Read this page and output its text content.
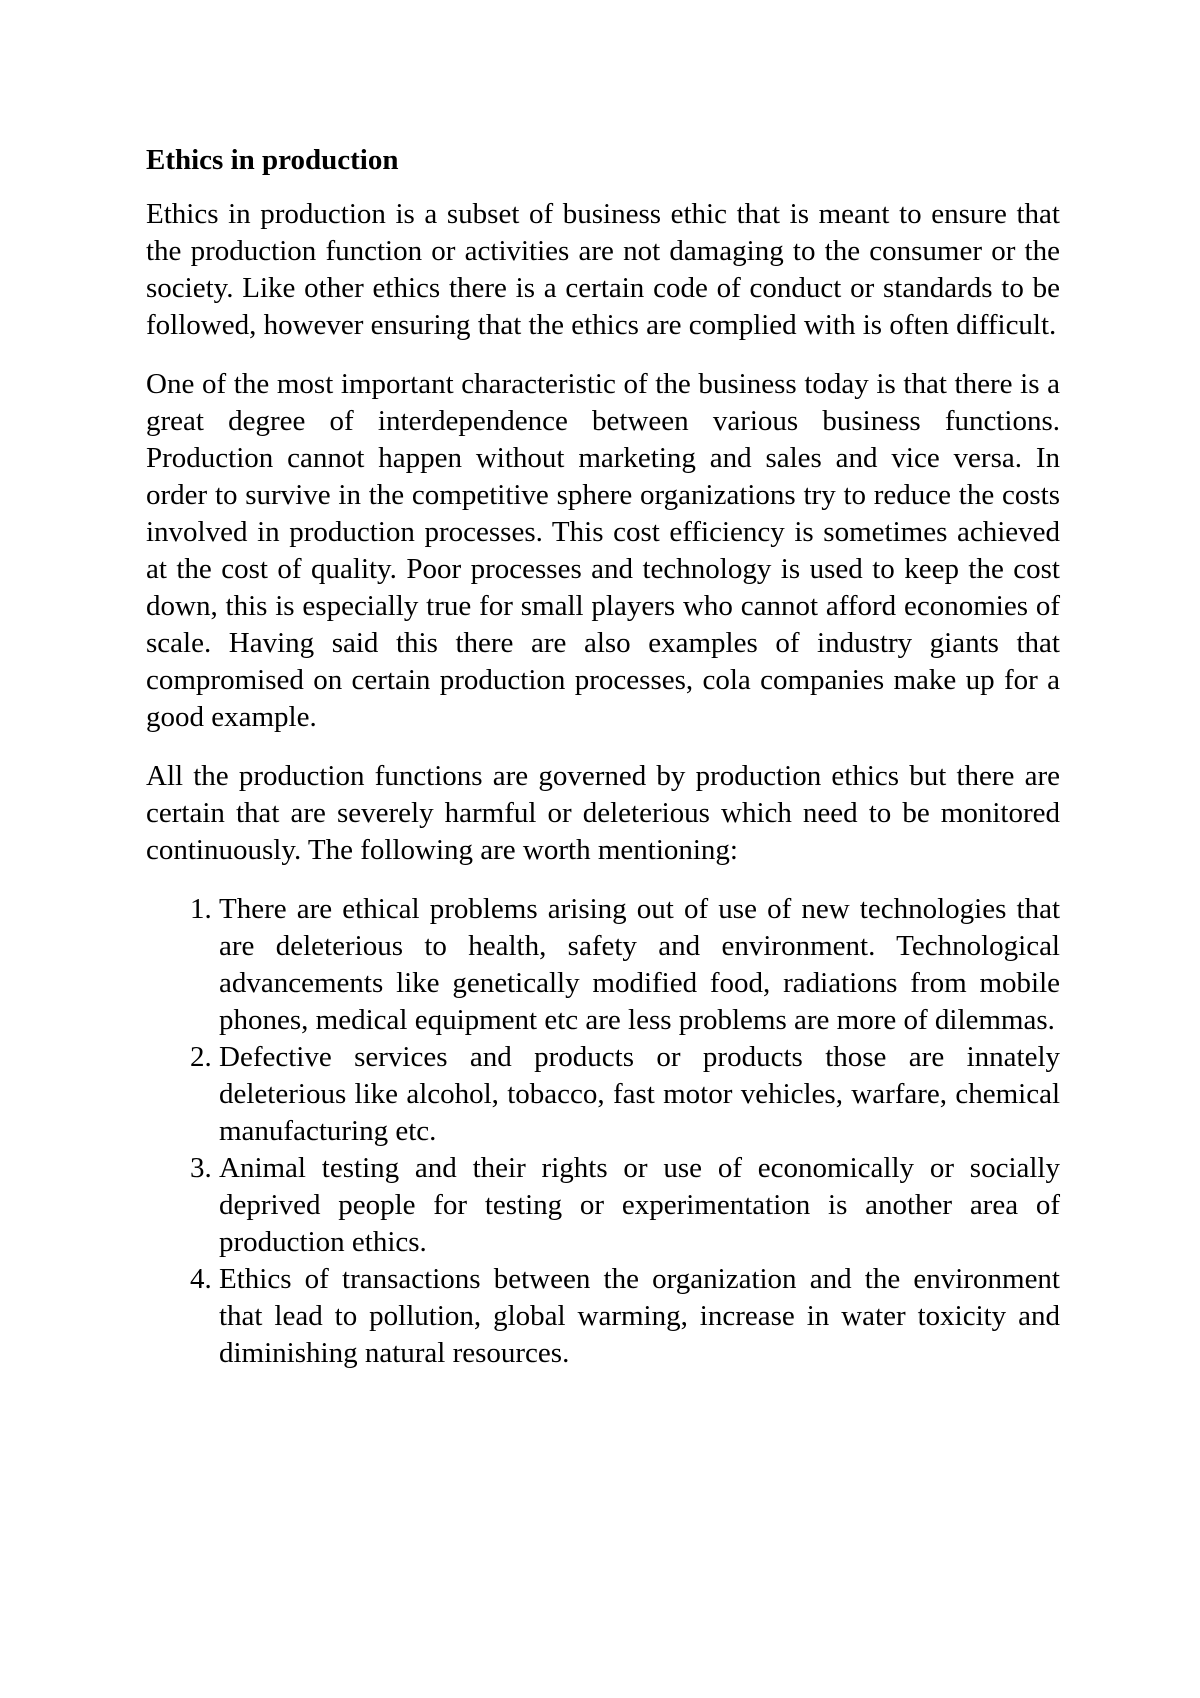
Ethics in production

Ethics in production is a subset of business ethic that is meant to ensure that the production function or activities are not damaging to the consumer or the society. Like other ethics there is a certain code of conduct or standards to be followed, however ensuring that the ethics are complied with is often difficult.

One of the most important characteristic of the business today is that there is a great degree of interdependence between various business functions. Production cannot happen without marketing and sales and vice versa. In order to survive in the competitive sphere organizations try to reduce the costs involved in production processes. This cost efficiency is sometimes achieved at the cost of quality. Poor processes and technology is used to keep the cost down, this is especially true for small players who cannot afford economies of scale. Having said this there are also examples of industry giants that compromised on certain production processes, cola companies make up for a good example.

All the production functions are governed by production ethics but there are certain that are severely harmful or deleterious which need to be monitored continuously. The following are worth mentioning:

1. There are ethical problems arising out of use of new technologies that are deleterious to health, safety and environment. Technological advancements like genetically modified food, radiations from mobile phones, medical equipment etc are less problems are more of dilemmas.
2. Defective services and products or products those are innately deleterious like alcohol, tobacco, fast motor vehicles, warfare, chemical manufacturing etc.
3. Animal testing and their rights or use of economically or socially deprived people for testing or experimentation is another area of production ethics.
4. Ethics of transactions between the organization and the environment that lead to pollution, global warming, increase in water toxicity and diminishing natural resources.
